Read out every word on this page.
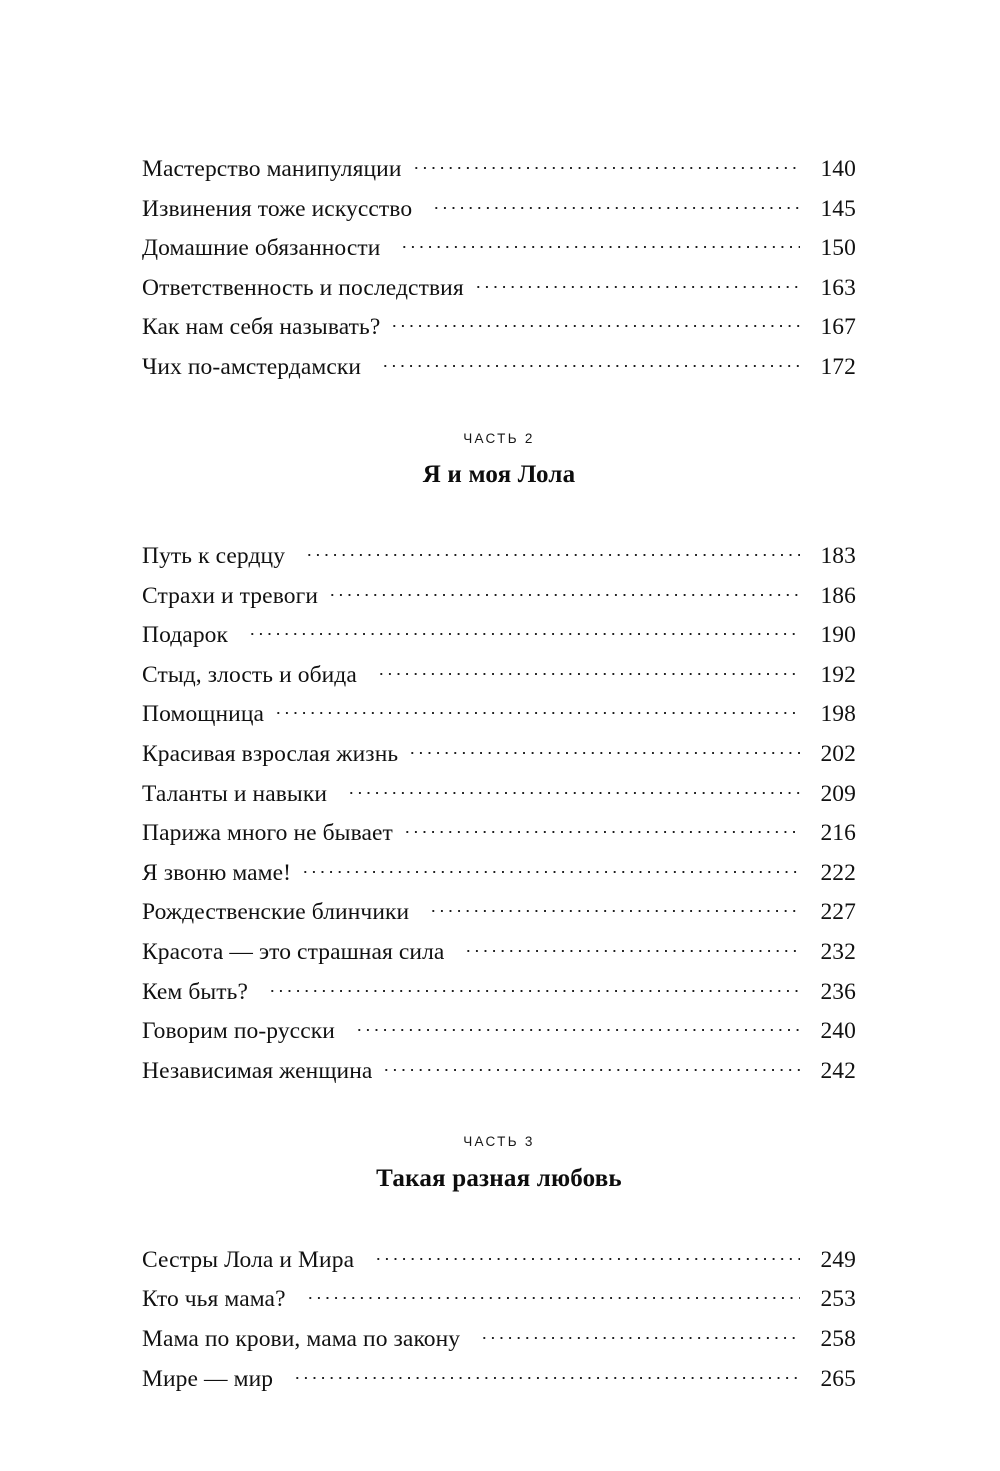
Мастерство манипуляции	140
Извинения тоже искусство	145
Домашние обязанности	150
Ответственность и последствия	163
Как нам себя называть?	167
Чих по-амстердамски	172
ЧАСТЬ 2
Я и моя Лола
Путь к сердцу	183
Страхи и тревоги	186
Подарок	190
Стыд, злость и обида	192
Помощница	198
Красивая взрослая жизнь	202
Таланты и навыки	209
Парижа много не бывает	216
Я звоню маме!	222
Рождественские блинчики	227
Красота — это страшная сила	232
Кем быть?	236
Говорим по-русски	240
Независимая женщина	242
ЧАСТЬ 3
Такая разная любовь
Сестры Лола и Мира	249
Кто чья мама?	253
Мама по крови, мама по закону	258
Мире — мир	265
